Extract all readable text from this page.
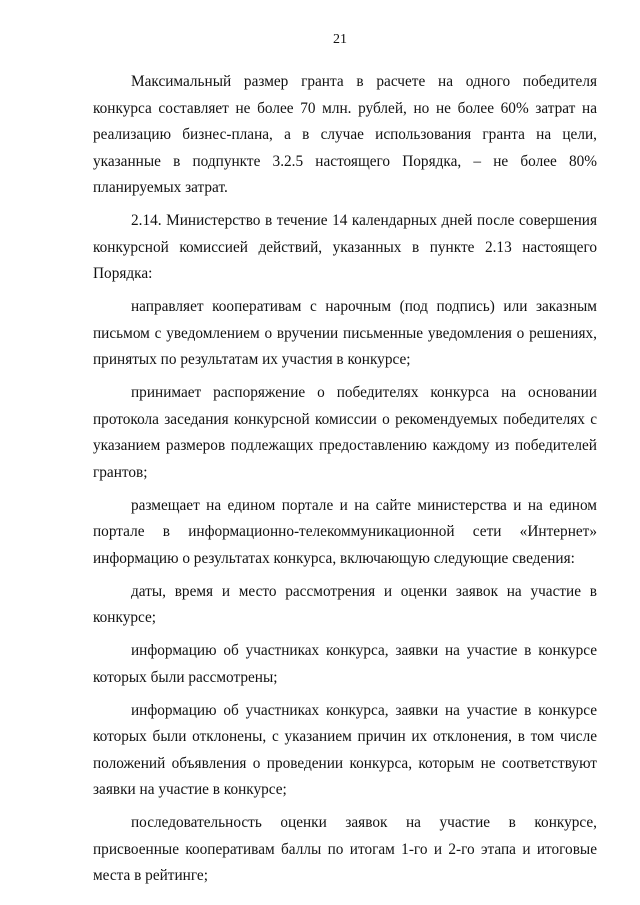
21

Максимальный размер гранта в расчете на одного победителя конкурса составляет не более 70 млн. рублей, но не более 60% затрат на реализацию бизнес-плана, а в случае использования гранта на цели, указанные в подпункте 3.2.5 настоящего Порядка, – не более 80% планируемых затрат.

2.14. Министерство в течение 14 календарных дней после совершения конкурсной комиссией действий, указанных в пункте 2.13 настоящего Порядка:

направляет кооперативам с нарочным (под подпись) или заказным письмом с уведомлением о вручении письменные уведомления о решениях, принятых по результатам их участия в конкурсе;

принимает распоряжение о победителях конкурса на основании протокола заседания конкурсной комиссии о рекомендуемых победителях с указанием размеров подлежащих предоставлению каждому из победителей грантов;

размещает на едином портале и на сайте министерства и на едином портале в информационно-телекоммуникационной сети «Интернет» информацию о результатах конкурса, включающую следующие сведения:

даты, время и место рассмотрения и оценки заявок на участие в конкурсе;

информацию об участниках конкурса, заявки на участие в конкурсе которых были рассмотрены;

информацию об участниках конкурса, заявки на участие в конкурсе которых были отклонены, с указанием причин их отклонения, в том числе положений объявления о проведении конкурса, которым не соответствуют заявки на участие в конкурсе;

последовательность оценки заявок на участие в конкурсе, присвоенные кооперативам баллы по итогам 1-го и 2-го этапа и итоговые места в рейтинге;
